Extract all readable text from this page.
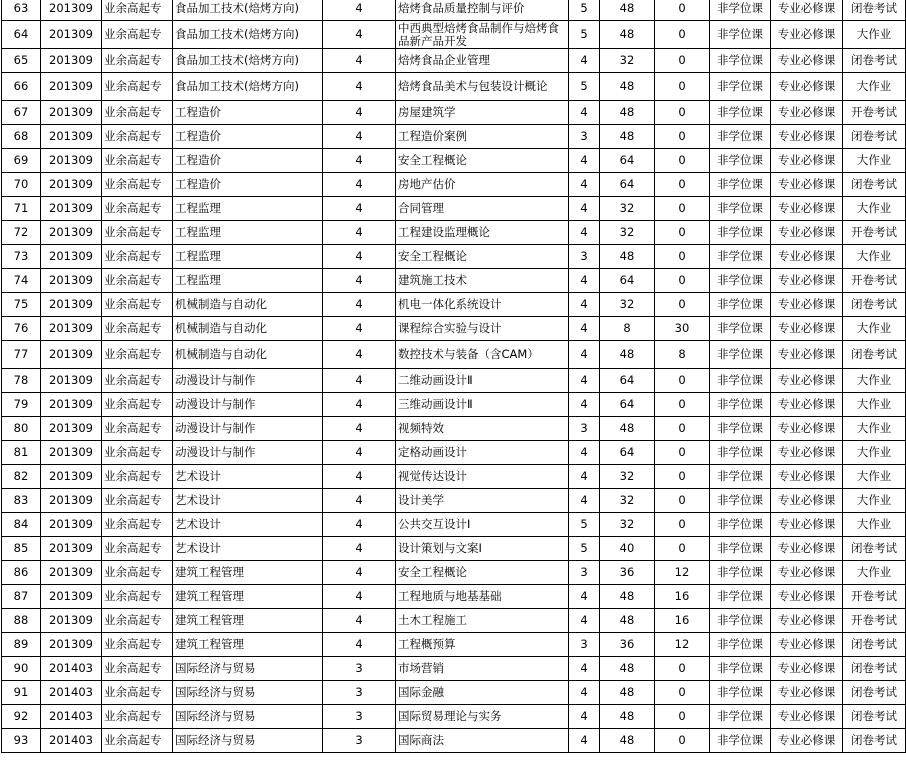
63	201309	业余高起专	食品加工技术(焙烤方向)	4	焙烤食品质量控制与评价	5	48	0	非学位课	专业必修课	闭卷考试
64	201309	业余高起专	食品加工技术(焙烤方向)	4	中西典型焙烤食品制作与焙烤食品新产品开发	5	48	0	非学位课	专业必修课	大作业
65	201309	业余高起专	食品加工技术(焙烤方向)	4	焙烤食品企业管理	4	32	0	非学位课	专业必修课	闭卷考试
66	201309	业余高起专	食品加工技术(焙烤方向)	4	焙烤食品美术与包装设计概论	5	48	0	非学位课	专业必修课	大作业
67	201309	业余高起专	工程造价	4	房屋建筑学	4	48	0	非学位课	专业必修课	开卷考试
68	201309	业余高起专	工程造价	4	工程造价案例	3	48	0	非学位课	专业必修课	闭卷考试
69	201309	业余高起专	工程造价	4	安全工程概论	4	64	0	非学位课	专业必修课	大作业
70	201309	业余高起专	工程造价	4	房地产估价	4	64	0	非学位课	专业必修课	闭卷考试
71	201309	业余高起专	工程监理	4	合同管理	4	32	0	非学位课	专业必修课	大作业
72	201309	业余高起专	工程监理	4	工程建设监理概论	4	32	0	非学位课	专业必修课	开卷考试
73	201309	业余高起专	工程监理	4	安全工程概论	3	48	0	非学位课	专业必修课	大作业
74	201309	业余高起专	工程监理	4	建筑施工技术	4	64	0	非学位课	专业必修课	开卷考试
75	201309	业余高起专	机械制造与自动化	4	机电一体化系统设计	4	32	0	非学位课	专业必修课	闭卷考试
76	201309	业余高起专	机械制造与自动化	4	课程综合实验与设计	4	8	30	非学位课	专业必修课	大作业
77	201309	业余高起专	机械制造与自动化	4	数控技术与装备（含CAM）	4	48	8	非学位课	专业必修课	闭卷考试
78	201309	业余高起专	动漫设计与制作	4	二维动画设计Ⅱ	4	64	0	非学位课	专业必修课	大作业
79	201309	业余高起专	动漫设计与制作	4	三维动画设计Ⅱ	4	64	0	非学位课	专业必修课	大作业
80	201309	业余高起专	动漫设计与制作	4	视频特效	3	48	0	非学位课	专业必修课	大作业
81	201309	业余高起专	动漫设计与制作	4	定格动画设计	4	64	0	非学位课	专业必修课	大作业
82	201309	业余高起专	艺术设计	4	视觉传达设计	4	32	0	非学位课	专业必修课	大作业
83	201309	业余高起专	艺术设计	4	设计美学	4	32	0	非学位课	专业必修课	大作业
84	201309	业余高起专	艺术设计	4	公共交互设计Ⅰ	5	32	0	非学位课	专业必修课	大作业
85	201309	业余高起专	艺术设计	4	设计策划与文案Ⅰ	5	40	0	非学位课	专业必修课	闭卷考试
86	201309	业余高起专	建筑工程管理	4	安全工程概论	3	36	12	非学位课	专业必修课	大作业
87	201309	业余高起专	建筑工程管理	4	工程地质与地基基础	4	48	16	非学位课	专业必修课	开卷考试
88	201309	业余高起专	建筑工程管理	4	土木工程施工	4	48	16	非学位课	专业必修课	开卷考试
89	201309	业余高起专	建筑工程管理	4	工程概预算	3	36	12	非学位课	专业必修课	闭卷考试
90	201403	业余高起专	国际经济与贸易	3	市场营销	4	48	0	非学位课	专业必修课	闭卷考试
91	201403	业余高起专	国际经济与贸易	3	国际金融	4	48	0	非学位课	专业必修课	闭卷考试
92	201403	业余高起专	国际经济与贸易	3	国际贸易理论与实务	4	48	0	非学位课	专业必修课	闭卷考试
93	201403	业余高起专	国际经济与贸易	3	国际商法	4	48	0	非学位课	专业必修课	闭卷考试
